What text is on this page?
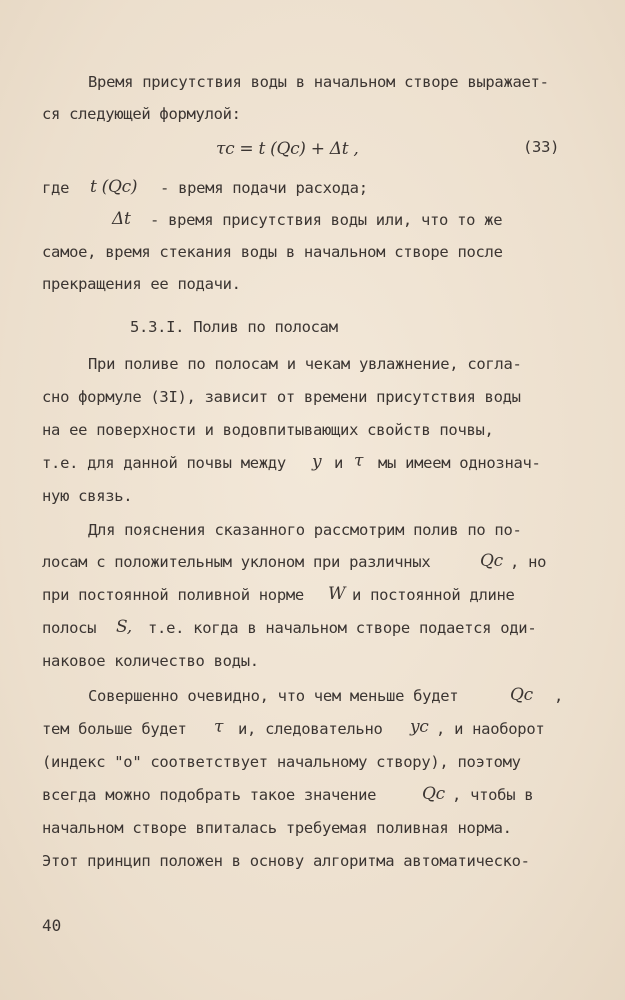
Время присутствия воды в начальном створе выражает-
ся следующей формулой:
τс = t (Qс) + Δt ,	(33)
где t (Qс) - время подачи расхода;
Δt - время присутствия воды или, что то же
самое, время стекания воды в начальном створе после
прекращения ее подачи.
5.3.I. Полив по полосам
При поливе по полосам и чекам увлажнение, согла-
сно формуле (3I), зависит от времени присутствия воды
на ее поверхности и водовпитывающих свойств почвы,
т.е. для данной почвы между y и τ мы имеем однознач-
ную связь.
Для пояснения сказанного рассмотрим полив по по-
лосам с положительным уклоном при различных	Qс , но
при постоянной поливной норме W и постоянной длине
полосы S, т.е. когда в начальном створе подается оди-
наковое количество воды.
Совершенно очевидно, что чем меньше будет	Qс ,
тем больше будет τ и, следовательно yс , и наоборот
(индекс "о" соответствует начальному створу), поэтому
всегда можно подобрать такое значение	Qс , чтобы в
начальном створе впиталась требуемая поливная норма.
Этот принцип положен в основу алгоритма автоматическо-
40
